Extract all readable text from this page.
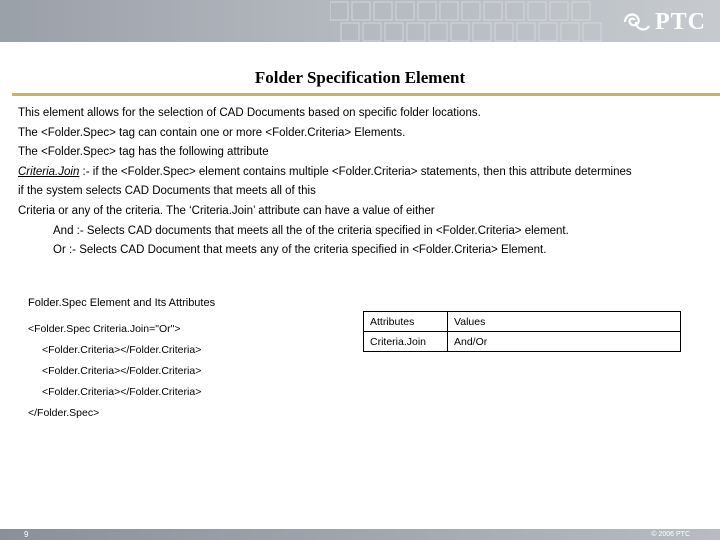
PTC
Folder Specification Element
This element allows for the selection of CAD Documents based on specific folder locations.
The <Folder.Spec> tag can contain one or more <Folder.Criteria> Elements.
The <Folder.Spec> tag has the following attribute
Criteria.Join :- if the <Folder.Spec> element contains multiple <Folder.Criteria> statements, then this attribute determines
if the system selects CAD Documents that meets all of this
Criteria or any of the criteria. The ‘Criteria.Join’ attribute can have a value of either
And :- Selects CAD documents that meets all the of the criteria specified in <Folder.Criteria> element.
Or :- Selects CAD Document that meets any of the criteria specified in <Folder.Criteria> Element.
Folder.Spec Element and Its Attributes
<Folder.Spec Criteria.Join="Or">
<Folder.Criteria></Folder.Criteria>
<Folder.Criteria></Folder.Criteria>
<Folder.Criteria></Folder.Criteria>
</Folder.Spec>
Attributes	Values
Criteria.Join	And/Or
9	© 2006 PTC
